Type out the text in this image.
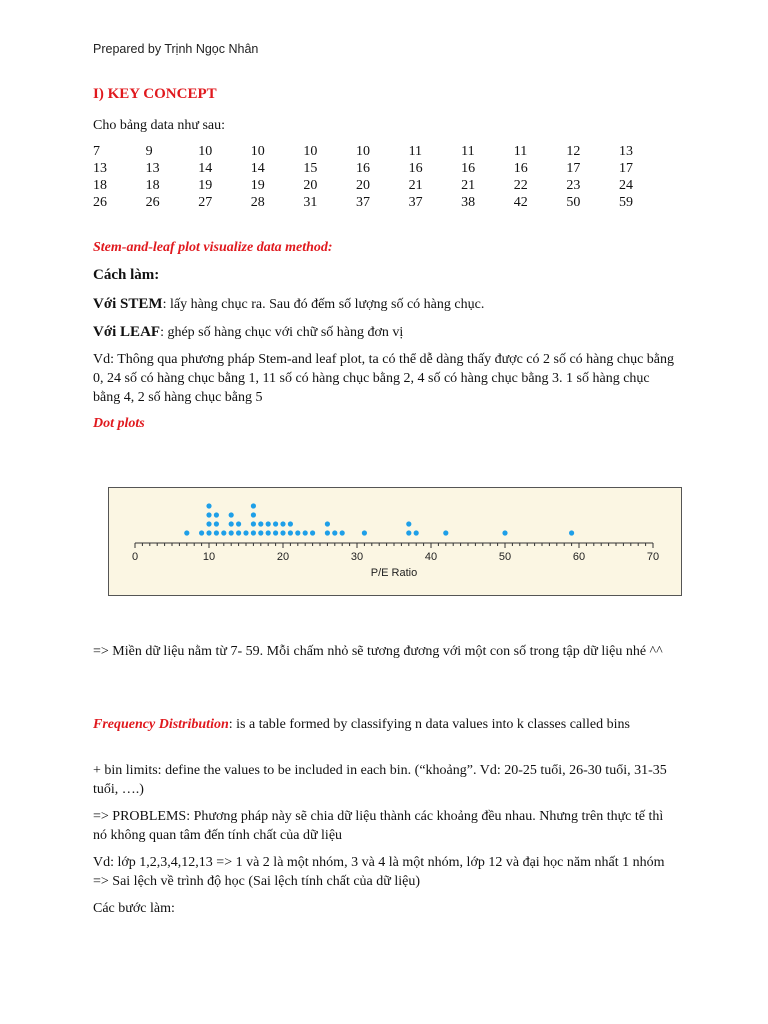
Prepared by Trịnh Ngọc Nhân
I) KEY CONCEPT
Cho bảng data như sau:
7	9	10	10	10	10	11	11	11	12	13
13	13	14	14	15	16	16	16	16	17	17
18	18	19	19	20	20	21	21	22	23	24
26	26	27	28	31	37	37	38	42	50	59
Stem-and-leaf plot visualize data method:
Cách làm:
Với STEM: lấy hàng chục ra. Sau đó đếm số lượng số có hàng chục.
Với LEAF: ghép số hàng chục với chữ số hàng đơn vị
Vd: Thông qua phương pháp Stem-and leaf plot, ta có thể dễ dàng thấy được có 2 số có hàng chục bằng 0, 24 số có hàng chục bằng 1, 11 số có hàng chục bằng 2, 4 số có hàng chục bằng 3. 1 số hàng chục bằng 4, 2 số hàng chục bằng 5
Dot plots
0	10	20	30	40	50	60	70
P/E Ratio
=> Miền dữ liệu nằm từ 7- 59. Mỗi chấm nhỏ sẽ tương đương với một con số trong tập dữ liệu nhé ^^
Frequency Distribution: is a table formed by classifying n data values into k classes called bins
+ bin limits: define the values to be included in each bin. (“khoảng”. Vd: 20-25 tuổi, 26-30 tuổi, 31-35 tuổi, ….)
=> PROBLEMS: Phương pháp này sẽ chia dữ liệu thành các khoảng đều nhau. Nhưng trên thực tế thì nó không quan tâm đến tính chất của dữ liệu
Vd: lớp 1,2,3,4,12,13 => 1 và 2 là một nhóm, 3 và 4 là một nhóm, lớp 12 và đại học năm nhất 1 nhóm => Sai lệch về trình độ học (Sai lệch tính chất của dữ liệu)
Các bước làm:
